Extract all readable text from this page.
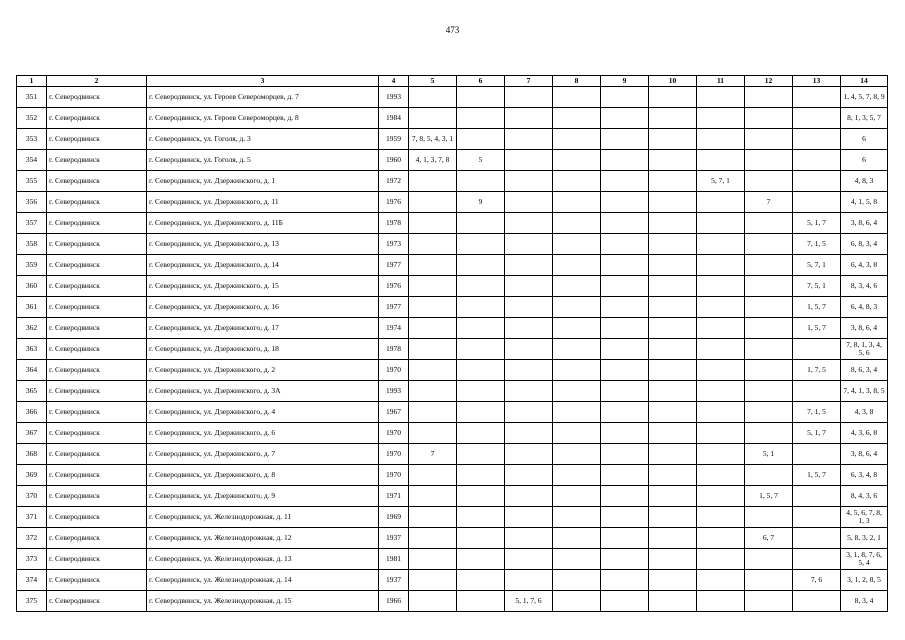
473
1	2	3	4	5	6	7	8	9	10	11	12	13	14
351	г. Северодвинск	г. Северодвинск, ул. Героев Североморцев, д. 7	1993										1, 4, 5, 7, 8, 9
352	г. Северодвинск	г. Северодвинск, ул. Героев Североморцев, д. 8	1984										8, 1, 3, 5, 7
353	г. Северодвинск	г. Северодвинск, ул. Гоголя, д. 3	1959	7, 8, 5, 4, 3, 1									6
354	г. Северодвинск	г. Северодвинск, ул. Гоголя, д. 5	1960	4, 1, 3, 7, 8	5								6
355	г. Северодвинск	г. Северодвинск, ул. Дзержинского, д. 1	1972							5, 7, 1			4, 8, 3
356	г. Северодвинск	г. Северодвинск, ул. Дзержинского, д. 11	1976		9						7		4, 1, 5, 8
357	г. Северодвинск	г. Северодвинск, ул. Дзержинского, д. 11Б	1978									5, 1, 7	3, 8, 6, 4
358	г. Северодвинск	г. Северодвинск, ул. Дзержинского, д. 13	1973									7, 1, 5	6, 8, 3, 4
359	г. Северодвинск	г. Северодвинск, ул. Дзержинского, д. 14	1977									5, 7, 1	6, 4, 3, 8
360	г. Северодвинск	г. Северодвинск, ул. Дзержинского, д. 15	1976									7, 5, 1	8, 3, 4, 6
361	г. Северодвинск	г. Северодвинск, ул. Дзержинского, д. 16	1977									1, 5, 7	6, 4, 8, 3
362	г. Северодвинск	г. Северодвинск, ул. Дзержинского, д. 17	1974									1, 5, 7	3, 8, 6, 4
363	г. Северодвинск	г. Северодвинск, ул. Дзержинского, д. 18	1978										7, 8, 1, 3, 4, 5, 6
364	г. Северодвинск	г. Северодвинск, ул. Дзержинского, д. 2	1970									1, 7, 5	8, 6, 3, 4
365	г. Северодвинск	г. Северодвинск, ул. Дзержинского, д. 3А	1993										7, 4, 1, 3, 8, 5
366	г. Северодвинск	г. Северодвинск, ул. Дзержинского, д. 4	1967									7, 1, 5	4, 3, 8
367	г. Северодвинск	г. Северодвинск, ул. Дзержинского, д. 6	1970									5, 1, 7	4, 3, 6, 8
368	г. Северодвинск	г. Северодвинск, ул. Дзержинского, д. 7	1970	7							5, 1		3, 8, 6, 4
369	г. Северодвинск	г. Северодвинск, ул. Дзержинского, д. 8	1970									1, 5, 7	6, 3, 4, 8
370	г. Северодвинск	г. Северодвинск, ул. Дзержинского, д. 9	1971								1, 5, 7		8, 4, 3, 6
371	г. Северодвинск	г. Северодвинск, ул. Железнодорожная, д. 11	1969										4, 5, 6, 7, 8, 1, 3
372	г. Северодвинск	г. Северодвинск, ул. Железнодорожная, д. 12	1937								6, 7		5, 8, 3, 2, 1
373	г. Северодвинск	г. Северодвинск, ул. Железнодорожная, д. 13	1981										3, 1, 8, 7, 6, 5, 4
374	г. Северодвинск	г. Северодвинск, ул. Железнодорожная, д. 14	1937									7, 6	3, 1, 2, 8, 5
375	г. Северодвинск	г. Северодвинск, ул. Железнодорожная, д. 15	1966			5, 1, 7, 6							8, 3, 4
